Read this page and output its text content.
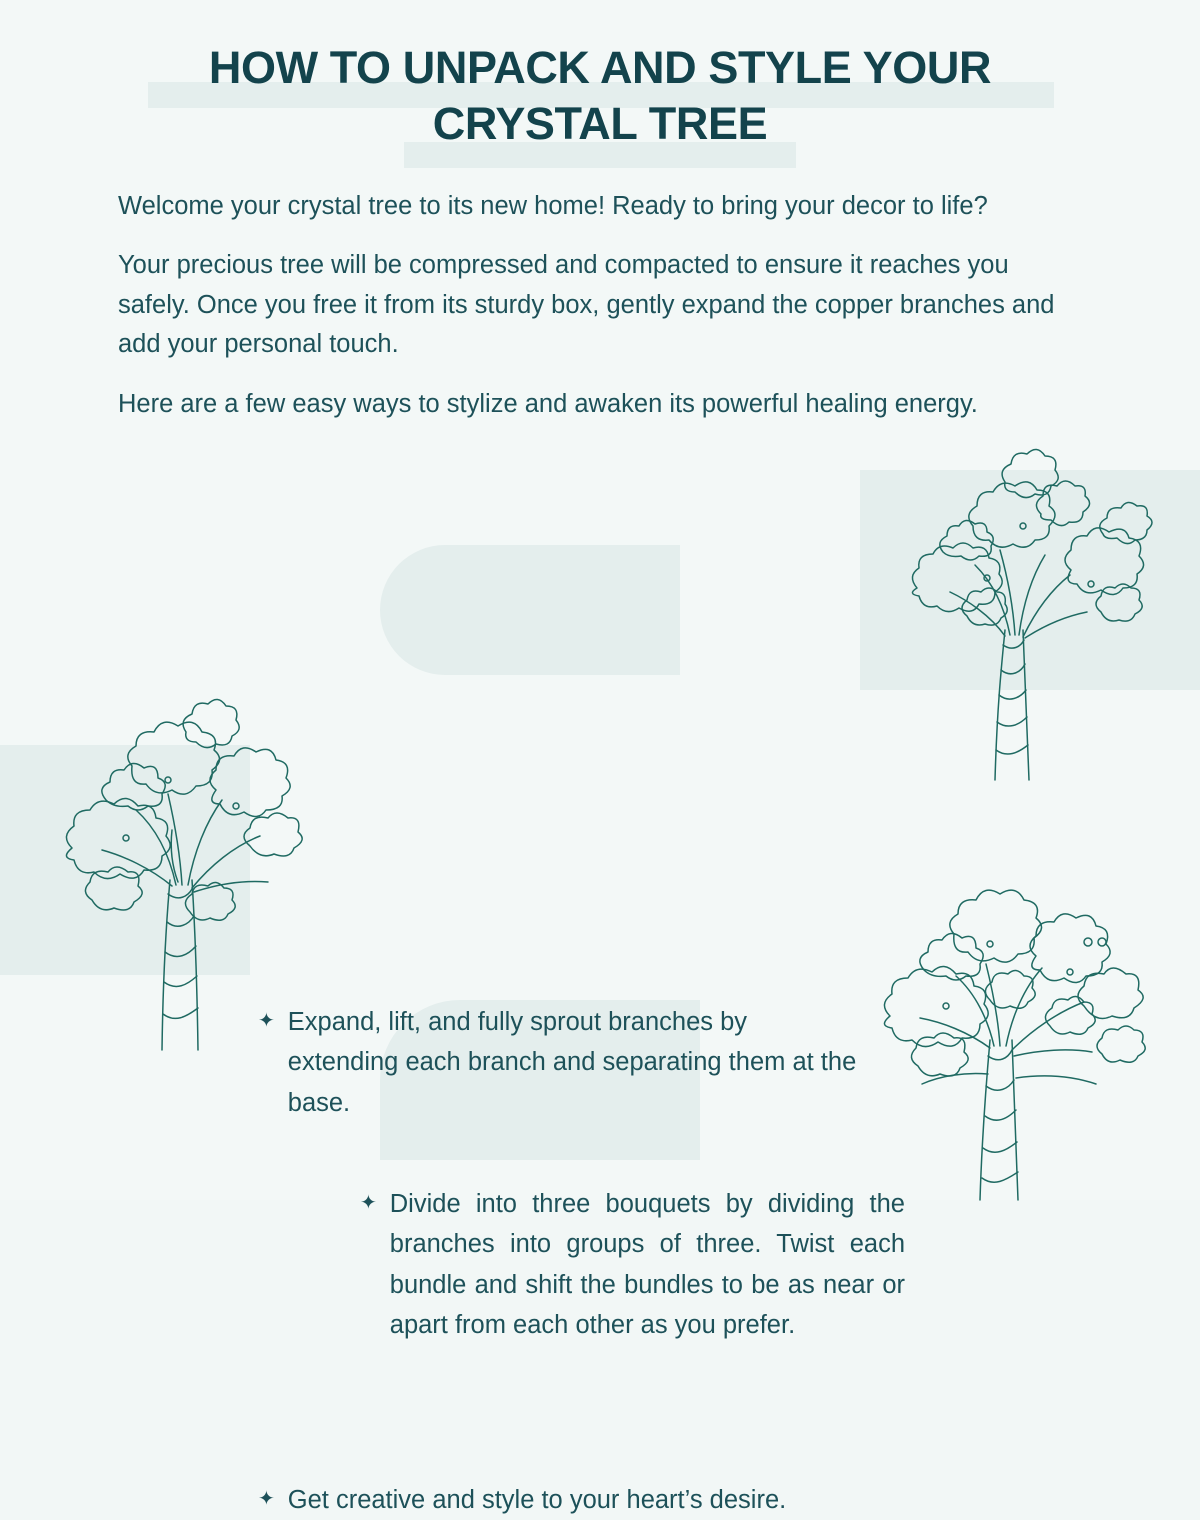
HOW TO UNPACK AND STYLE YOUR
CRYSTAL TREE

Welcome your crystal tree to its new home! Ready to bring your decor to life?

Your precious tree will be compressed and compacted to ensure it reaches you safely. Once you free it from its sturdy box, gently expand the copper branches and add your personal touch.

Here are a few easy ways to stylize and awaken its powerful healing energy.

✦ Expand, lift, and fully sprout branches by extending each branch and separating them at the base.
✦ Divide into three bouquets by dividing the branches into groups of three. Twist each bundle and shift the bundles to be as near or apart from each other as you prefer.
✦ Get creative and style to your heart’s desire.
